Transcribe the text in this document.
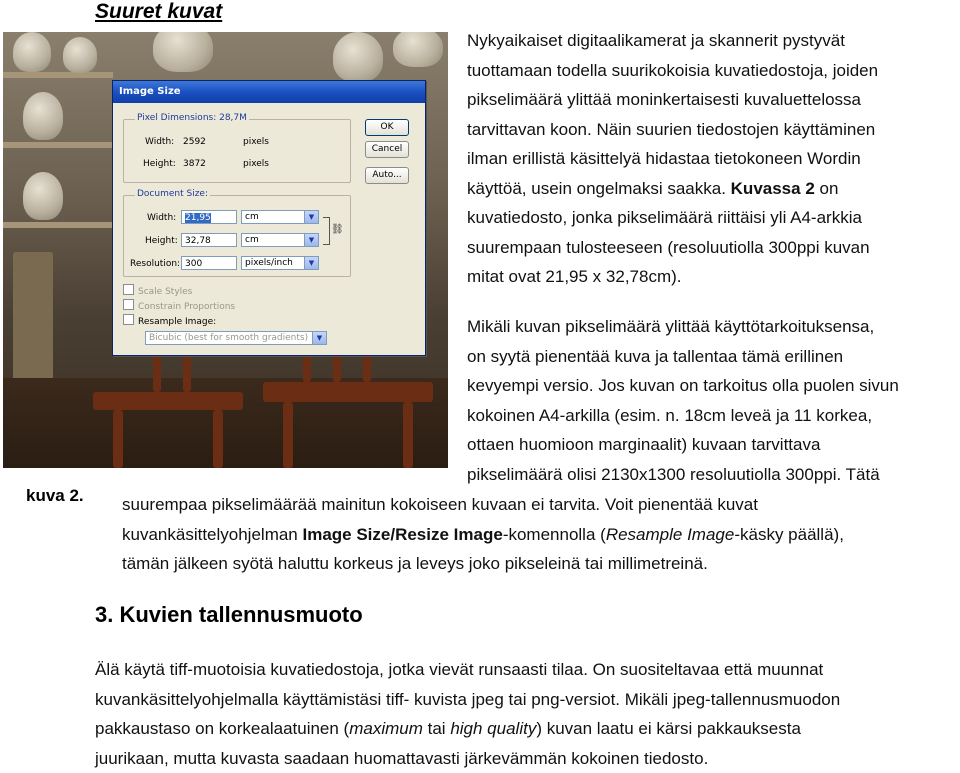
Suuret kuvat
Image Size
Pixel Dimensions: 28,7M
Width: 2592	pixels
Height: 3872	pixels
Document Size:
Width: 21,95	cm	▼
Height: 32,78	cm	▼
Resolution: 300	pixels/inch	▼
⛓
OK
Cancel
Auto...
Scale Styles
Constrain Proportions
Resample Image:
Bicubic (best for smooth gradients)	▼
Nykyaikaiset digitaalikamerat ja skannerit pystyvät
tuottamaan todella suurikokoisia kuvatiedostoja, joiden
pikselimäärä ylittää moninkertaisesti kuvaluettelossa
tarvittavan koon. Näin suurien tiedostojen käyttäminen
ilman erillistä käsittelyä hidastaa tietokoneen Wordin
käyttöä, usein ongelmaksi saakka. Kuvassa 2 on
kuvatiedosto, jonka pikselimäärä riittäisi yli A4-arkkia
suurempaan tulosteeseen (resoluutiolla 300ppi kuvan
mitat ovat 21,95 x 32,78cm).
Mikäli kuvan pikselimäärä ylittää käyttötarkoituksensa,
on syytä pienentää kuva ja tallentaa tämä erillinen
kevyempi versio. Jos kuvan on tarkoitus olla puolen sivun
kokoinen A4-arkilla (esim. n. 18cm leveä ja 11 korkea,
ottaen huomioon marginaalit) kuvaan tarvittava
pikselimäärä olisi 2130x1300 resoluutiolla 300ppi. Tätä
kuva 2. suurempaa pikselimäärää mainitun kokoiseen kuvaan ei tarvita. Voit pienentää kuvat
kuvankäsittelyohjelman Image Size/Resize Image-komennolla (Resample Image-käsky päällä),
tämän jälkeen syötä haluttu korkeus ja leveys joko pikseleinä tai millimetreinä.
3. Kuvien tallennusmuoto
Älä käytä tiff-muotoisia kuvatiedostoja, jotka vievät runsaasti tilaa. On suositeltavaa että muunnat
kuvankäsittelyohjelmalla käyttämistäsi tiff- kuvista jpeg tai png-versiot. Mikäli jpeg-tallennusmuodon
pakkaustaso on korkealaatuinen (maximum tai high quality) kuvan laatu ei kärsi pakkauksesta
juurikaan, mutta kuvasta saadaan huomattavasti järkevämmän kokoinen tiedosto.
